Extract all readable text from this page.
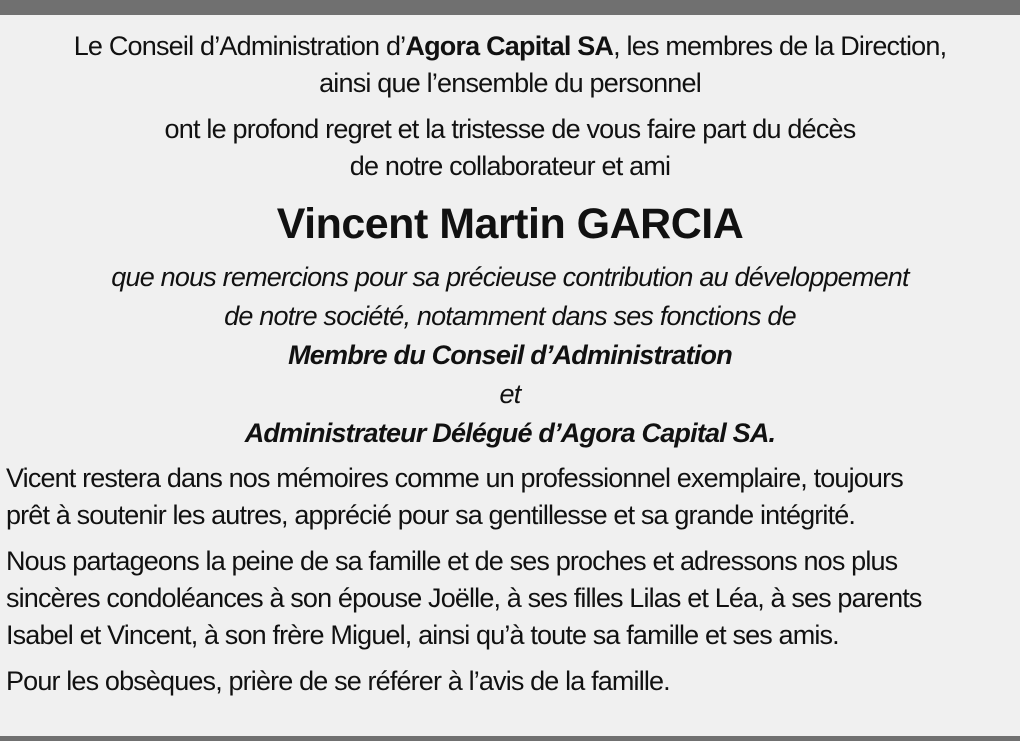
Le Conseil d’Administration d’Agora Capital SA, les membres de la Direction,
ainsi que l’ensemble du personnel

ont le profond regret et la tristesse de vous faire part du décès
de notre collaborateur et ami

Vincent Martin GARCIA

que nous remercions pour sa précieuse contribution au développement
de notre société, notamment dans ses fonctions de
Membre du Conseil d’Administration
et
Administrateur Délégué d’Agora Capital SA.

Vicent restera dans nos mémoires comme un professionnel exemplaire, toujours
prêt à soutenir les autres, apprécié pour sa gentillesse et sa grande intégrité.

Nous partageons la peine de sa famille et de ses proches et adressons nos plus
sincères condoléances à son épouse Joëlle, à ses filles Lilas et Léa, à ses parents
Isabel et Vincent, à son frère Miguel, ainsi qu’à toute sa famille et ses amis.

Pour les obsèques, prière de se référer à l’avis de la famille.
